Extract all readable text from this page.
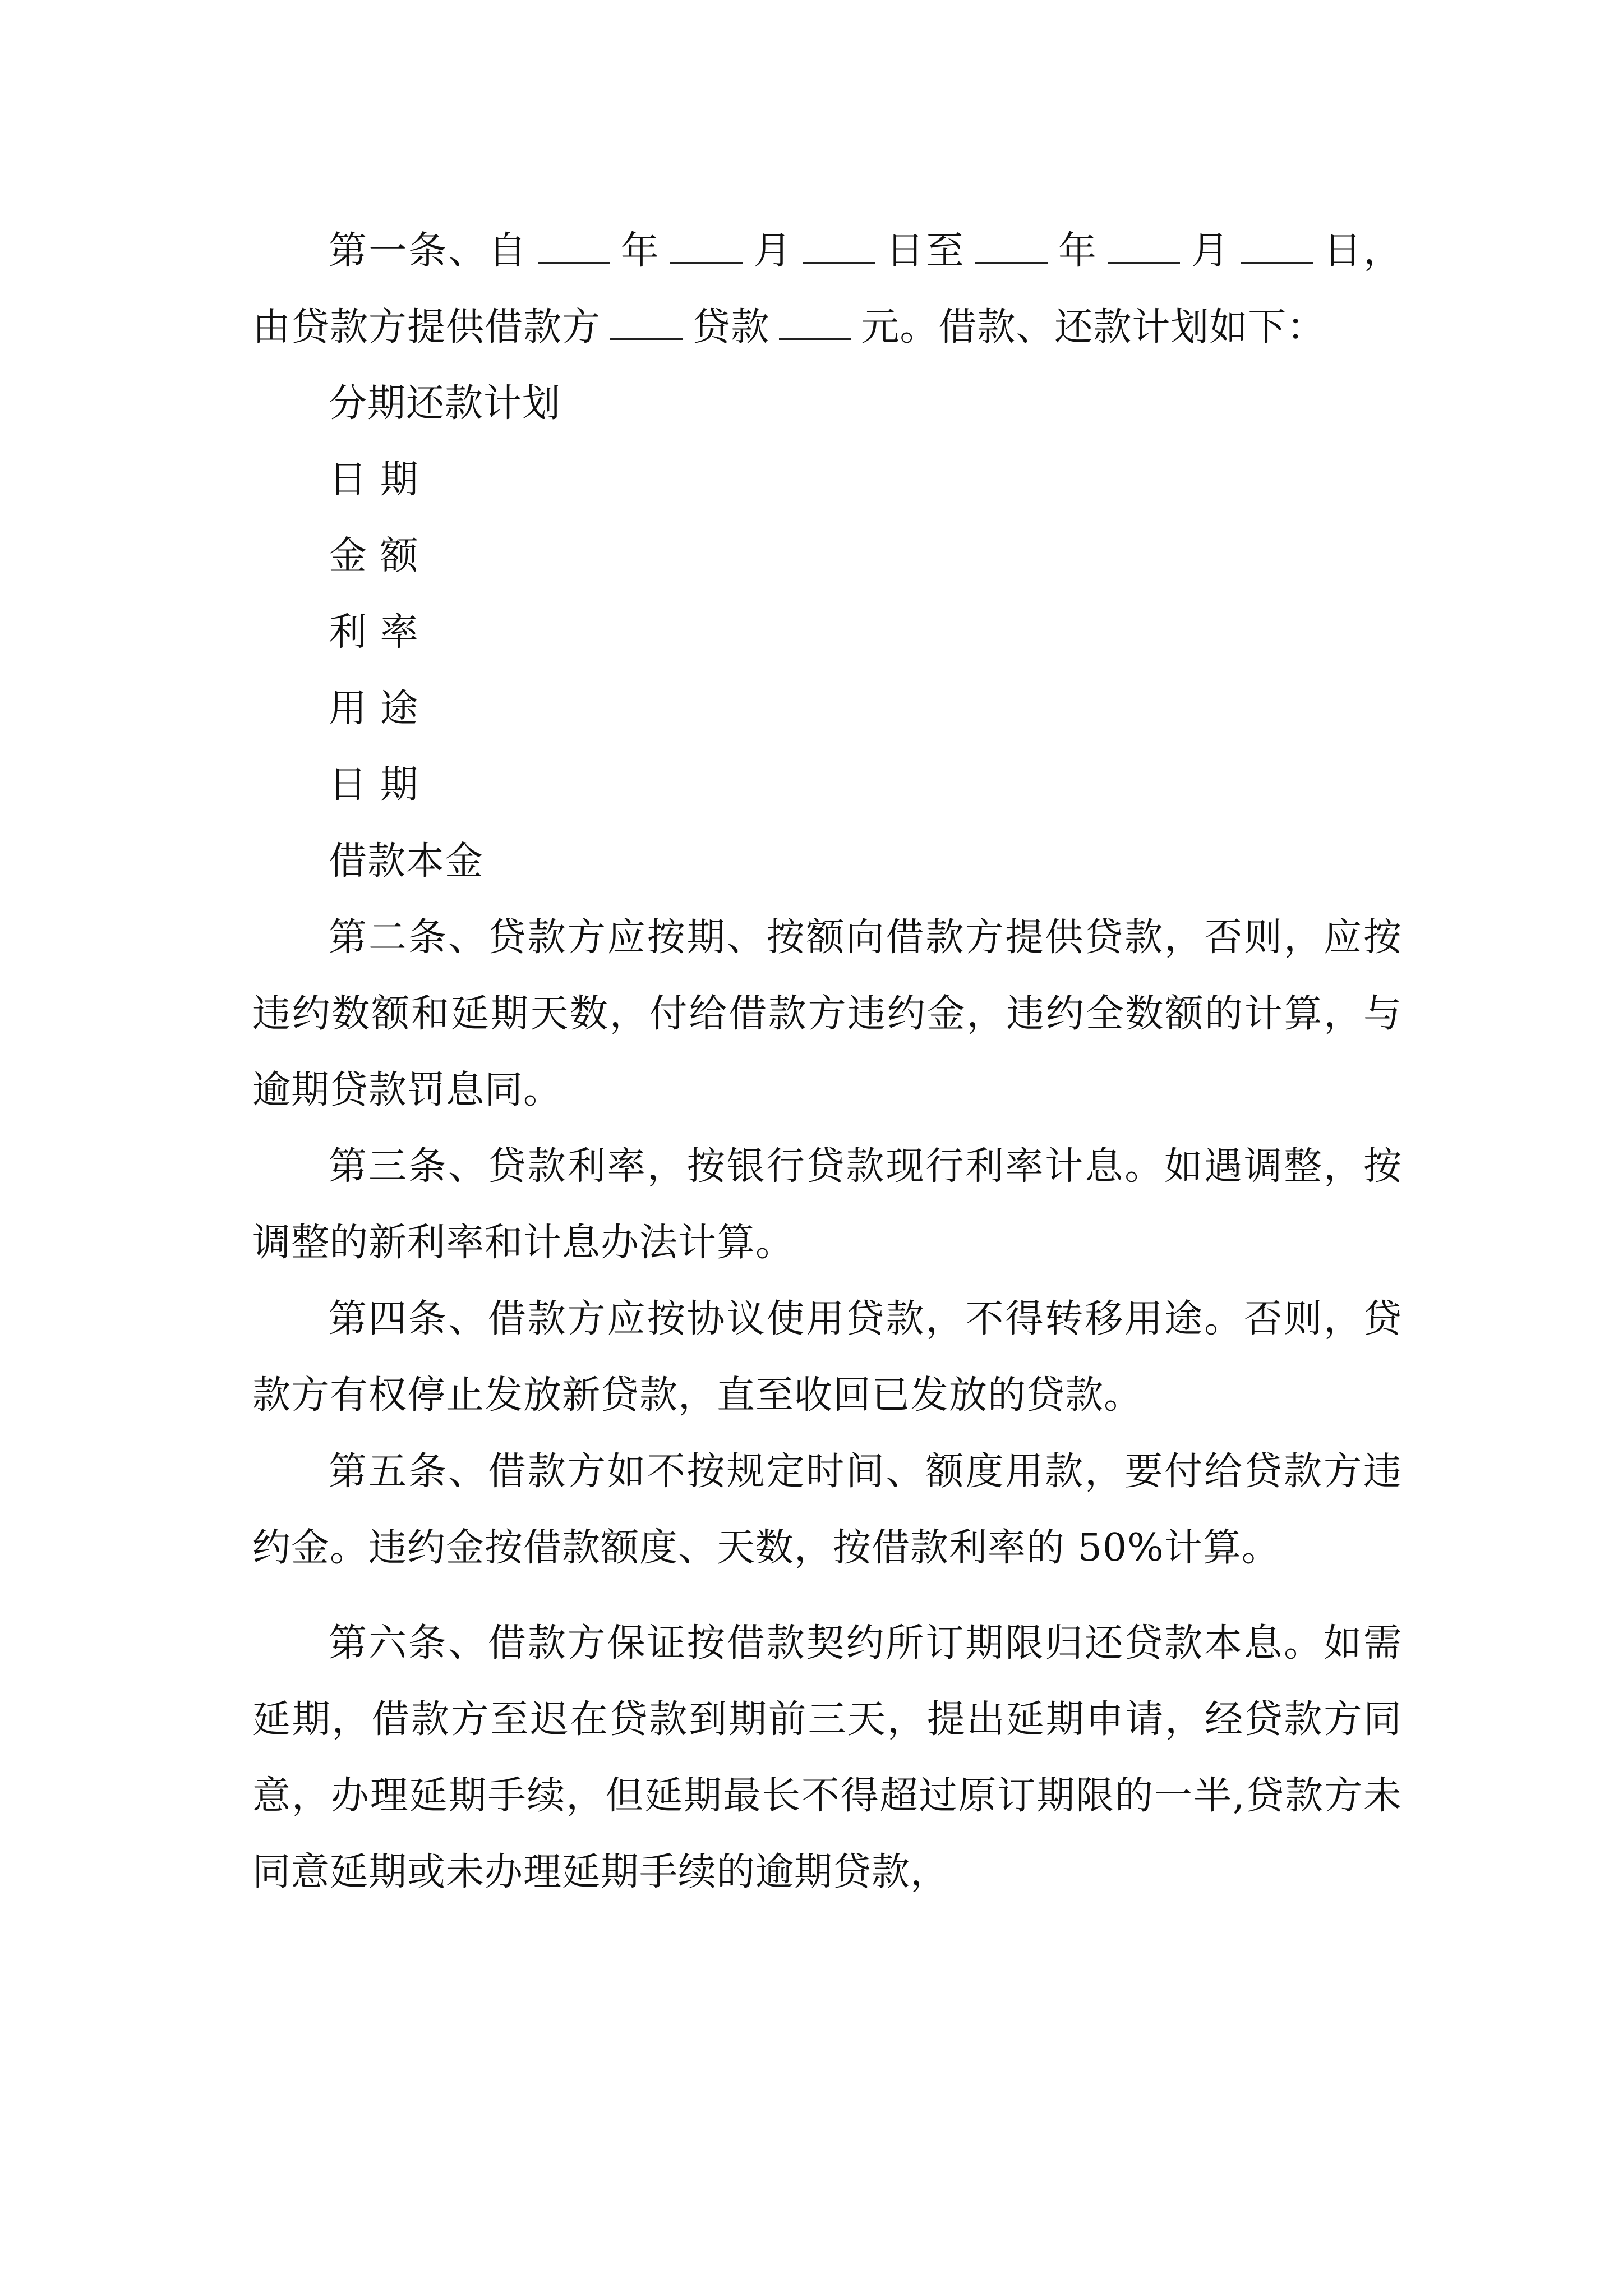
第一条、自 年 月 日至 年 月 日，由贷款方提供借款方 贷款 元。借款、还款计划如下：

分期还款计划

日 期

金 额

利 率

用 途

日 期

借款本金

第二条、贷款方应按期、按额向借款方提供贷款，否则，应按违约数额和延期天数，付给借款方违约金，违约全数额的计算，与逾期贷款罚息同。

第三条、贷款利率，按银行贷款现行利率计息。如遇调整，按调整的新利率和计息办法计算。

第四条、借款方应按协议使用贷款，不得转移用途。否则，贷款方有权停止发放新贷款，直至收回已发放的贷款。

第五条、借款方如不按规定时间、额度用款，要付给贷款方违约金。违约金按借款额度、天数，按借款利率的 50%计算。

第六条、借款方保证按借款契约所订期限归还贷款本息。如需延期，借款方至迟在贷款到期前三天，提出延期申请，经贷款方同意，办理延期手续，但延期最长不得超过原订期限的一半,贷款方未同意延期或未办理延期手续的逾期贷款，
